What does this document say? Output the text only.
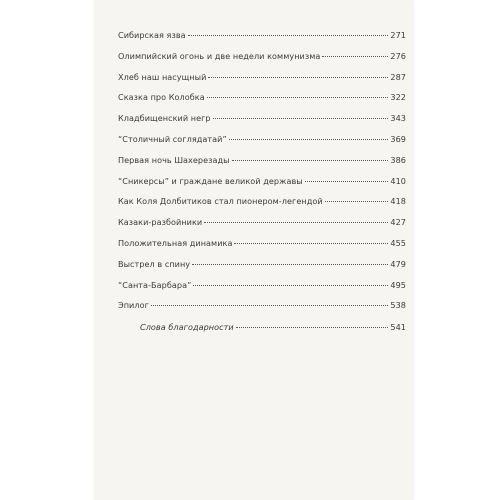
Сибирская язва	271
Олимпийский огонь и две недели коммунизма	276
Хлеб наш насущный	287
Сказка про Колобка	322
Кладбищенский негр	343
“Столичный соглядатай”	369
Первая ночь Шахерезады	386
“Сникерсы” и граждане великой державы	410
Как Коля Долбитиков стал пионером-легендой	418
Казаки-разбойники	427
Положительная динамика	455
Выстрел в спину	479
“Санта-Барбара”	495
Эпилог	538
Слова благодарности	541
